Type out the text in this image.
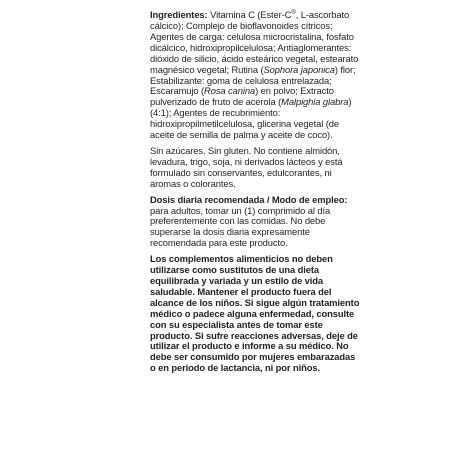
Ingredientes: Vitamina C (Ester-C®, L-ascorbato cálcico); Complejo de bioflavonoides cítricos; Agentes de carga: celulosa microcristalina, fosfato dicálcico, hidroxipropilcelulosa; Antiaglomerantes: dióxido de silicio, ácido esteárico vegetal, estearato magnésico vegetal; Rutina (Sophora japonica) flor; Estabilizante: goma de celulosa entrelazada; Escaramujo (Rosa canina) en polvo; Extracto pulverizado de fruto de acerola (Malpighia glabra) (4:1); Agentes de recubrimiento: hidroxipropilmetilcelulosa, glicerina vegetal (de aceite de semilla de palma y aceite de coco).

Sin azúcares. Sin gluten. No contiene almidón, levadura, trigo, soja, ni derivados lácteos y está formulado sin conservantes, edulcorantes, ni aromas o colorantes.

Dosis diaria recomendada / Modo de empleo: para adultos, tomar un (1) comprimido al día preferentemente con las comidas. No debe superarse la dosis diaria expresamente recomendada para este producto.

Los complementos alimenticios no deben utilizarse como sustitutos de una dieta equilibrada y variada y un estilo de vida saludable. Mantener el producto fuera del alcance de los niños. Si sigue algún tratamiento médico o padece alguna enfermedad, consulte con su especialista antes de tomar este producto. Si sufre reacciones adversas, deje de utilizar el producto e informe a su médico. No debe ser consumido por mujeres embarazadas o en periodo de lactancia, ni por niños.
